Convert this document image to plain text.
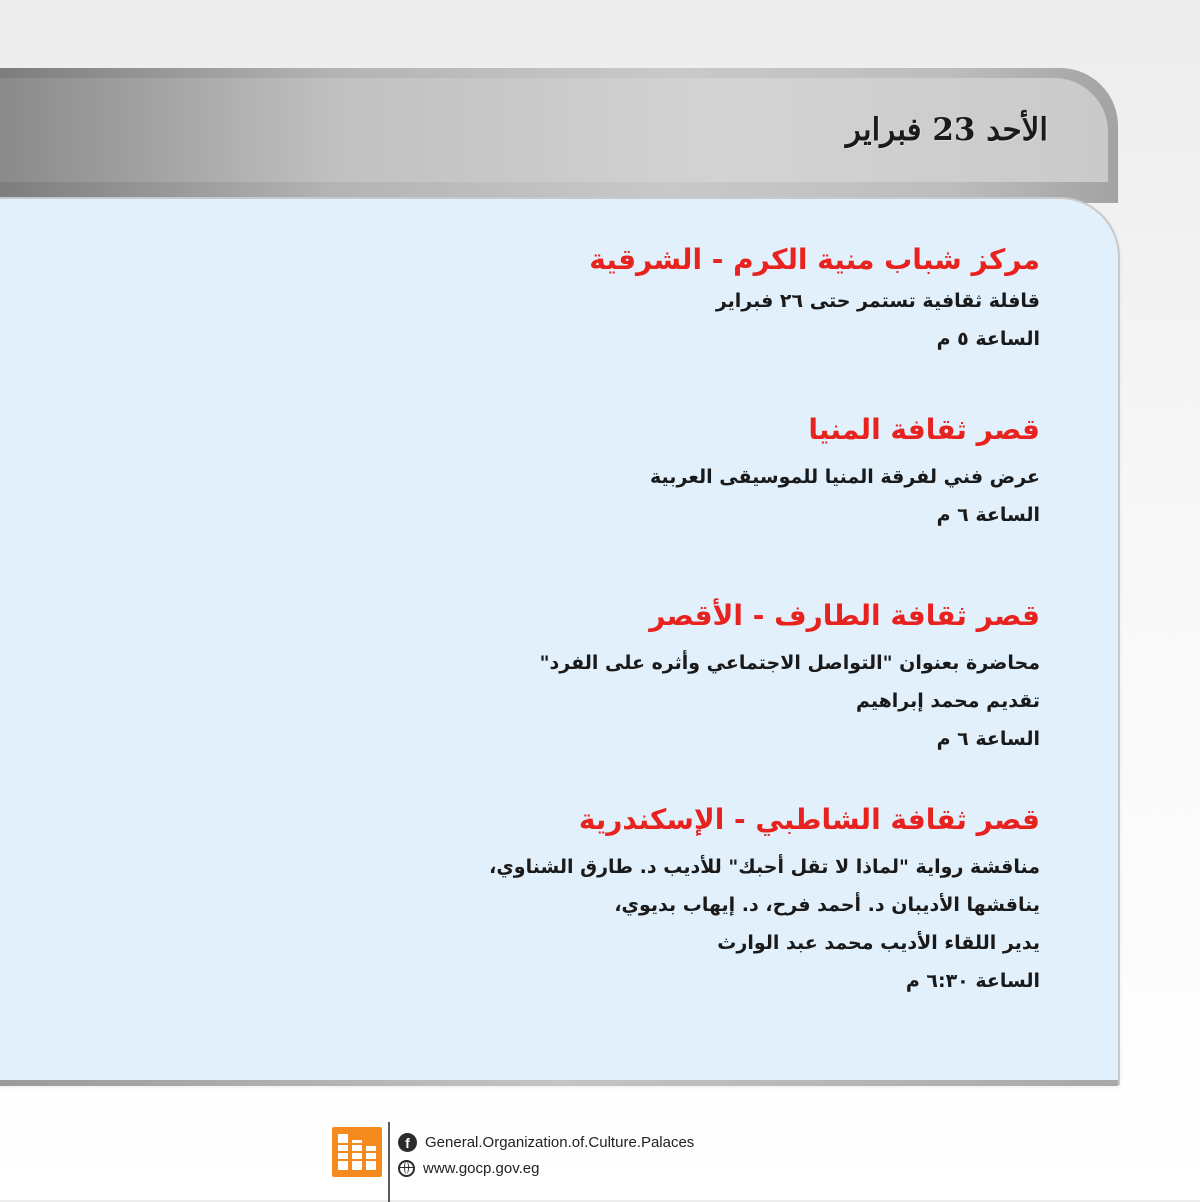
الأحد 23 فبراير
مركز شباب منية الكرم - الشرقية
قافلة ثقافية تستمر حتى ٢٦ فبراير
الساعة ٥ م
قصر ثقافة المنيا
عرض فني لفرقة المنيا للموسيقى العربية
الساعة ٦ م
قصر ثقافة الطارف - الأقصر
محاضرة بعنوان "التواصل الاجتماعي وأثره على الفرد"
تقديم محمد إبراهيم
الساعة ٦ م
قصر ثقافة الشاطبي - الإسكندرية
مناقشة رواية "لماذا لا تقل أحبك" للأديب د. طارق الشناوي،
يناقشها الأديبان د. أحمد فرح، د. إيهاب بديوي،
يدير اللقاء الأديب محمد عبد الوارث
الساعة ٦:٣٠ م
f	General.Organization.of.Culture.Palaces
www.gocp.gov.eg
